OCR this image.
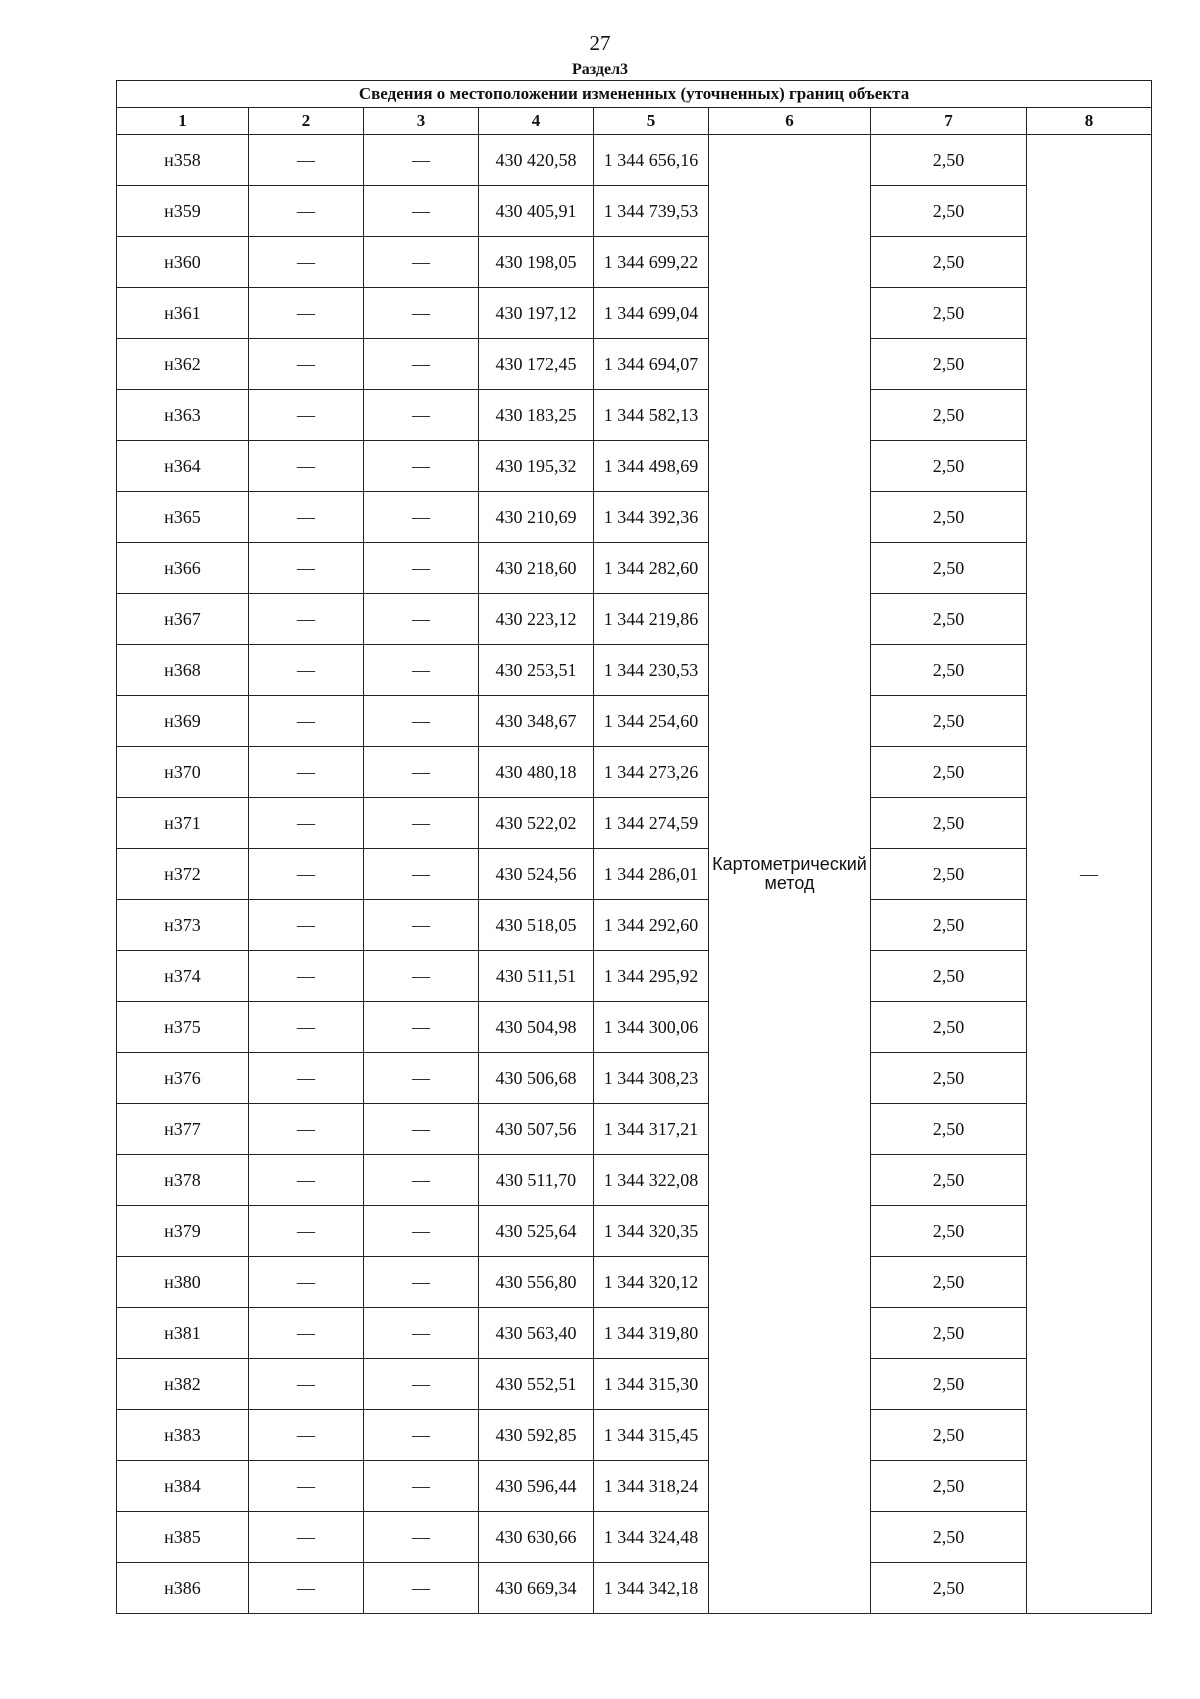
27
Раздел3
Сведения о местоположении измененных (уточненных) границ объекта							
1	2	3	4	5	6	7	8
н358	—	—	430 420,58	1 344 656,16	Картометрический метод	2,50	—
н359	—	—	430 405,91	1 344 739,53		2,50	
н360	—	—	430 198,05	1 344 699,22		2,50	
н361	—	—	430 197,12	1 344 699,04		2,50	
н362	—	—	430 172,45	1 344 694,07		2,50	
н363	—	—	430 183,25	1 344 582,13		2,50	
н364	—	—	430 195,32	1 344 498,69		2,50	
н365	—	—	430 210,69	1 344 392,36		2,50	
н366	—	—	430 218,60	1 344 282,60		2,50	
н367	—	—	430 223,12	1 344 219,86		2,50	
н368	—	—	430 253,51	1 344 230,53		2,50	
н369	—	—	430 348,67	1 344 254,60		2,50	
н370	—	—	430 480,18	1 344 273,26		2,50	
н371	—	—	430 522,02	1 344 274,59		2,50	
н372	—	—	430 524,56	1 344 286,01		2,50	
н373	—	—	430 518,05	1 344 292,60		2,50	
н374	—	—	430 511,51	1 344 295,92		2,50	
н375	—	—	430 504,98	1 344 300,06		2,50	
н376	—	—	430 506,68	1 344 308,23		2,50	
н377	—	—	430 507,56	1 344 317,21		2,50	
н378	—	—	430 511,70	1 344 322,08		2,50	
н379	—	—	430 525,64	1 344 320,35		2,50	
н380	—	—	430 556,80	1 344 320,12		2,50	
н381	—	—	430 563,40	1 344 319,80		2,50	
н382	—	—	430 552,51	1 344 315,30		2,50	
н383	—	—	430 592,85	1 344 315,45		2,50	
н384	—	—	430 596,44	1 344 318,24		2,50	
н385	—	—	430 630,66	1 344 324,48		2,50	
н386	—	—	430 669,34	1 344 342,18		2,50	
